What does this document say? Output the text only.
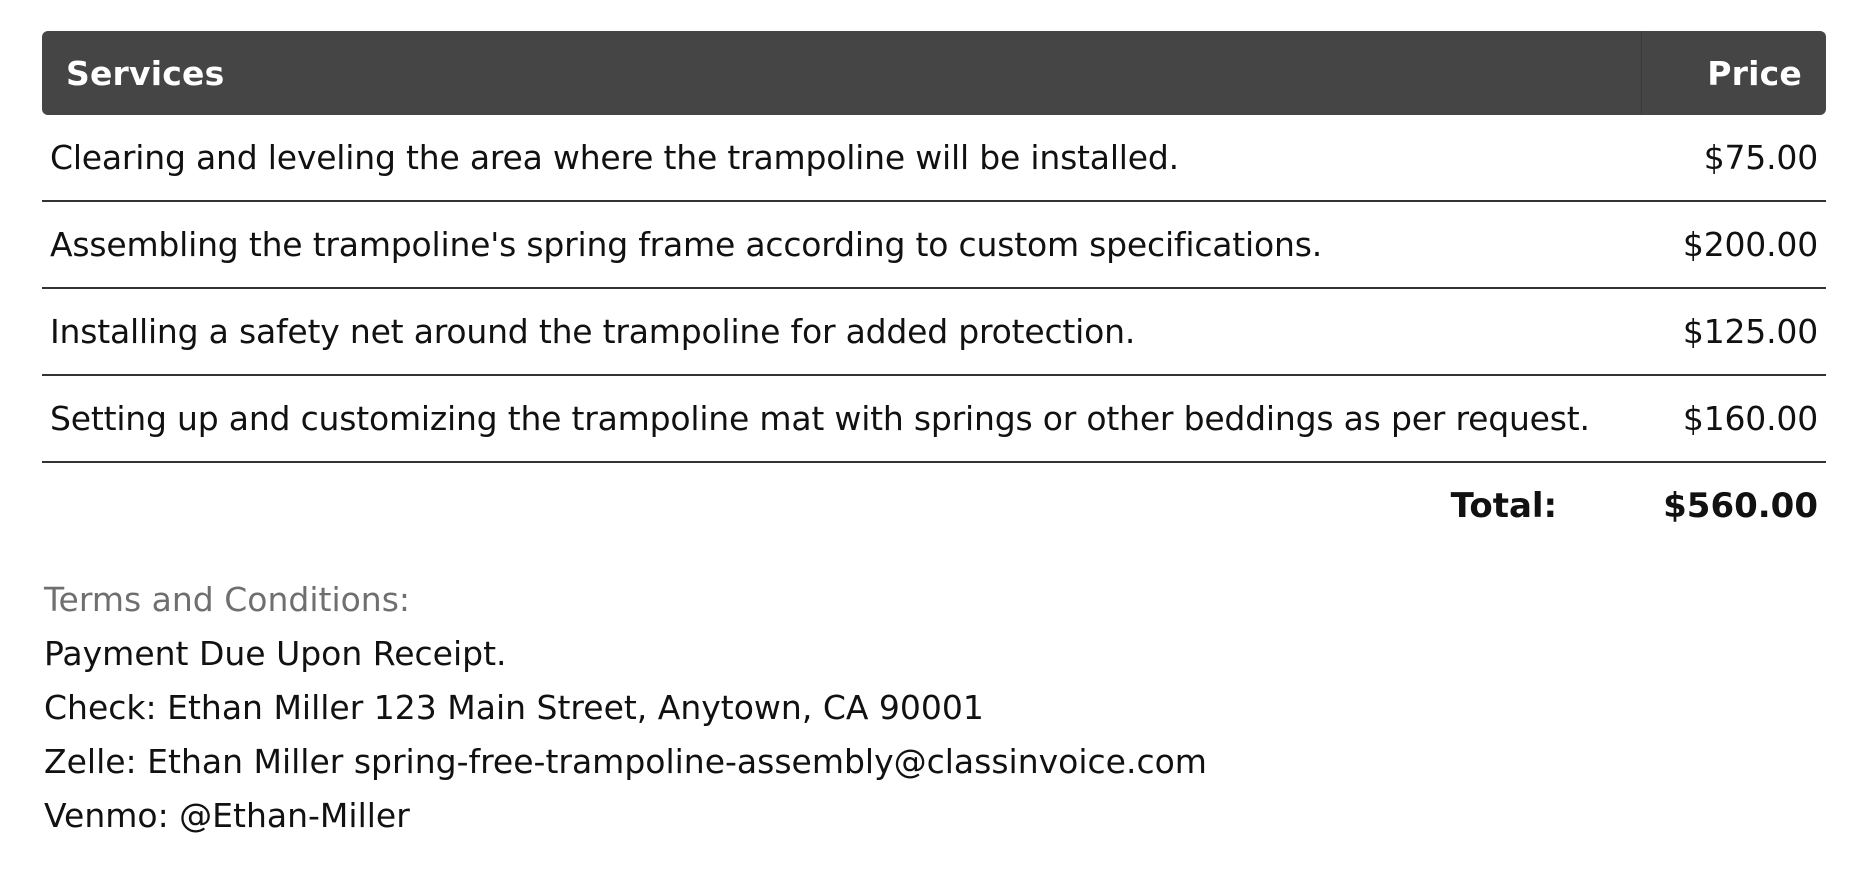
Services	Price
Clearing and leveling the area where the trampoline will be installed.	$75.00
Assembling the trampoline's spring frame according to custom specifications.	$200.00
Installing a safety net around the trampoline for added protection.	$125.00
Setting up and customizing the trampoline mat with springs or other beddings as per request.	$160.00
Total:	$560.00
Terms and Conditions:
Payment Due Upon Receipt.
Check: Ethan Miller 123 Main Street, Anytown, CA 90001
Zelle: Ethan Miller spring-free-trampoline-assembly@classinvoice.com
Venmo: @Ethan-Miller
